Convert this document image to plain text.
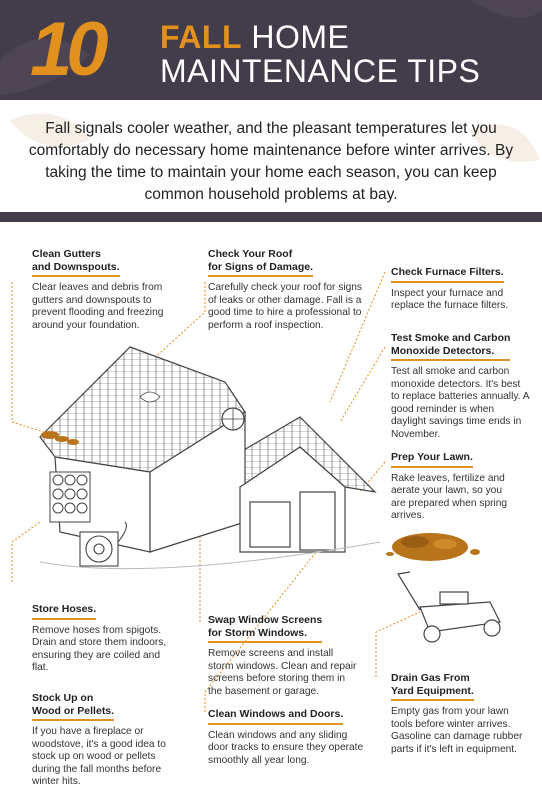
10 FALL HOME
MAINTENANCE TIPS
Fall signals cooler weather, and the pleasant temperatures let you comfortably do necessary home maintenance before winter arrives. By taking the time to maintain your home each season, you can keep common household problems at bay.
Clean Gutters
and Downspouts.
Clear leaves and debris from gutters and downspouts to prevent flooding and freezing around your foundation.
Check Your Roof
for Signs of Damage.
Carefully check your roof for signs of leaks or other damage. Fall is a good time to hire a professional to perform a roof inspection.
Check Furnace Filters.
Inspect your furnace and replace the furnace filters.
Test Smoke and Carbon
Monoxide Detectors.
Test all smoke and carbon monoxide detectors. It's best to replace batteries annually. A good reminder is when daylight savings time ends in November.
Prep Your Lawn.
Rake leaves, fertilize and aerate your lawn, so you are prepared when spring arrives.
Store Hoses.
Remove hoses from spigots. Drain and store them indoors, ensuring they are coiled and flat.
Swap Window Screens
for Storm Windows.
Remove screens and install storm windows. Clean and repair screens before storing them in the basement or garage.
Clean Windows and Doors.
Clean windows and any sliding door tracks to ensure they operate smoothly all year long.
Stock Up on
Wood or Pellets.
If you have a fireplace or woodstove, it's a good idea to stock up on wood or pellets during the fall months before winter hits.
Drain Gas From
Yard Equipment.
Empty gas from your lawn tools before winter arrives. Gasoline can damage rubber parts if it's left in equipment.
